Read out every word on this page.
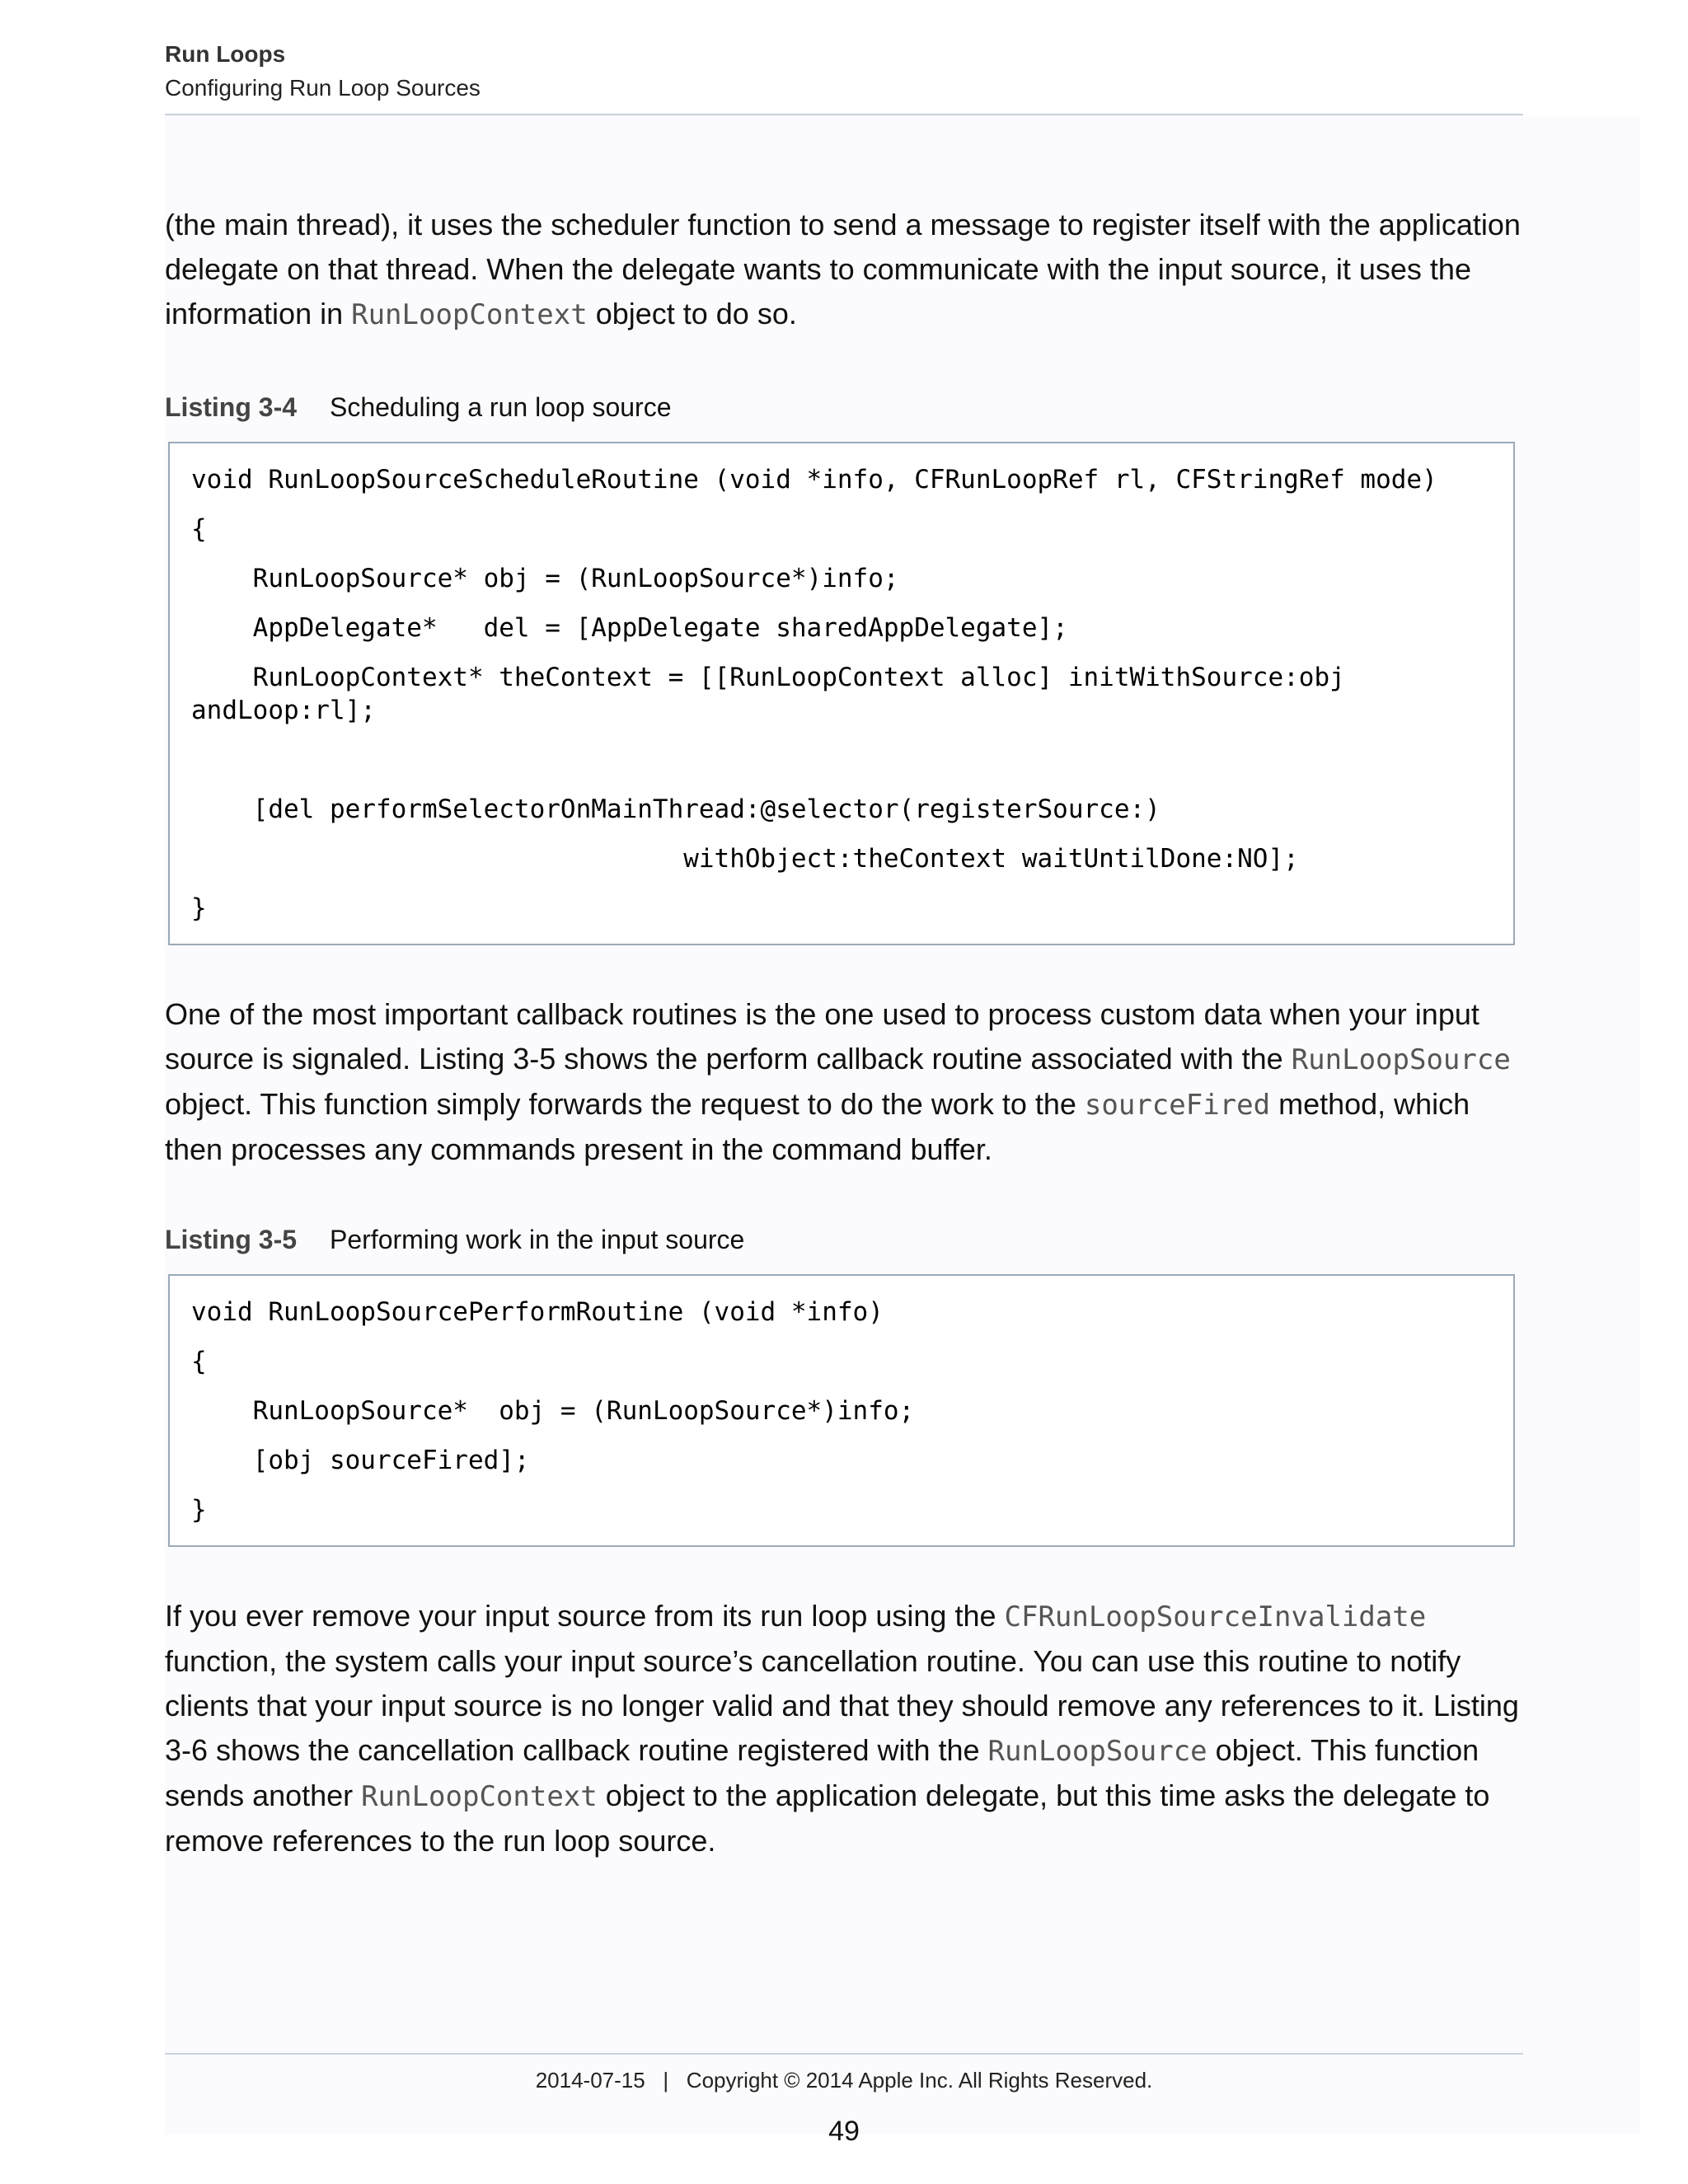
Run Loops
Configuring Run Loop Sources
(the main thread), it uses the scheduler function to send a message to register itself with the application delegate on that thread. When the delegate wants to communicate with the input source, it uses the information in RunLoopContext object to do so.
Listing 3-4 Scheduling a run loop source
void RunLoopSourceScheduleRoutine (void *info, CFRunLoopRef rl, CFStringRef mode)
{
RunLoopSource* obj = (RunLoopSource*)info;
AppDelegate*   del = [AppDelegate sharedAppDelegate];
RunLoopContext* theContext = [[RunLoopContext alloc] initWithSource:obj
andLoop:rl];
[del performSelectorOnMainThread:@selector(registerSource:)
withObject:theContext waitUntilDone:NO];
}
One of the most important callback routines is the one used to process custom data when your input source is signaled. Listing 3-5 shows the perform callback routine associated with the RunLoopSource object. This function simply forwards the request to do the work to the sourceFired method, which then processes any commands present in the command buffer.
Listing 3-5 Performing work in the input source
void RunLoopSourcePerformRoutine (void *info)
{
RunLoopSource*  obj = (RunLoopSource*)info;
[obj sourceFired];
}
If you ever remove your input source from its run loop using the CFRunLoopSourceInvalidate function, the system calls your input source’s cancellation routine. You can use this routine to notify clients that your input source is no longer valid and that they should remove any references to it. Listing 3-6 shows the cancellation callback routine registered with the RunLoopSource object. This function sends another RunLoopContext object to the application delegate, but this time asks the delegate to remove references to the run loop source.
2014-07-15   |   Copyright © 2014 Apple Inc. All Rights Reserved.
49
